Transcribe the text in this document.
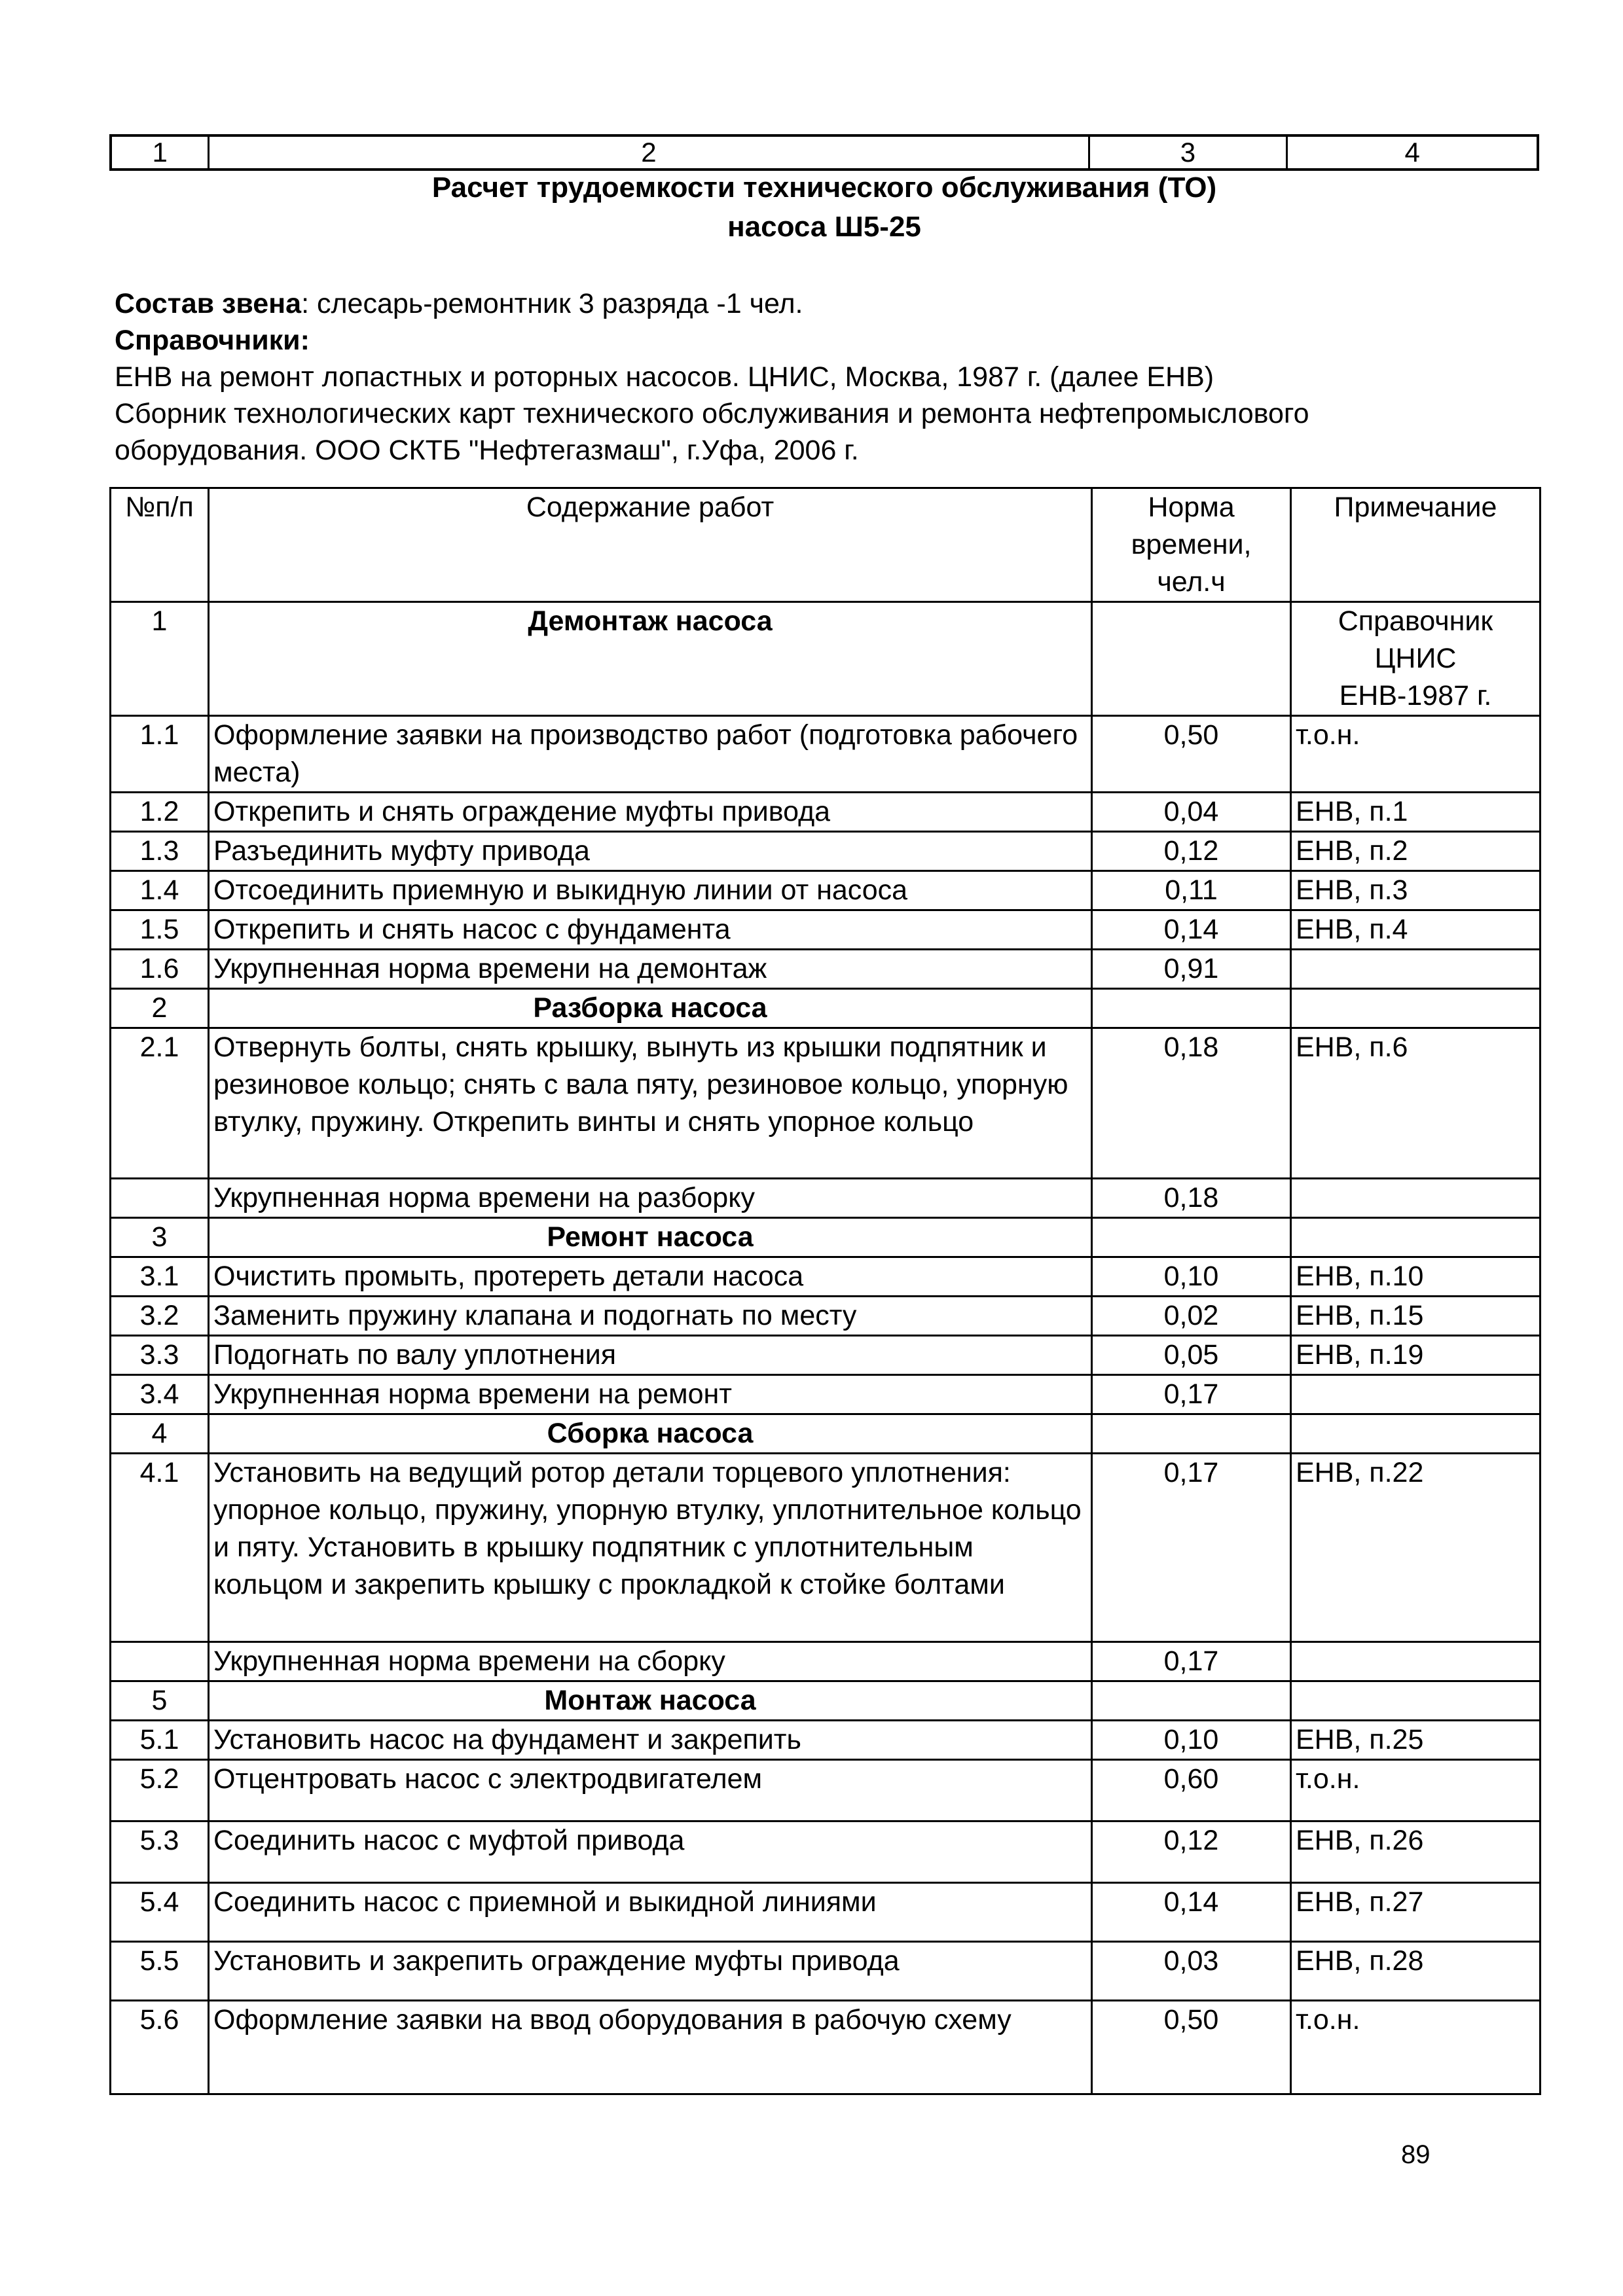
1	2	3	4
Расчет трудоемкости технического обслуживания (ТО)
насоса Ш5-25
Состав звена: слесарь-ремонтник 3 разряда -1 чел.
Справочники:
ЕНВ на ремонт лопастных и роторных насосов. ЦНИС, Москва, 1987 г. (далее ЕНВ)
Сборник технологических карт технического обслуживания и ремонта нефтепромыслового оборудования. ООО СКТБ "Нефтегазмаш", г.Уфа, 2006 г.
№п/п	Содержание работ	Норма времени, чел.ч	Примечание
1	Демонтаж насоса		Справочник ЦНИС ЕНВ-1987 г.
1.1	Оформление заявки на производство работ (подготовка рабочего места)	0,50	т.о.н.
1.2	Открепить и снять ограждение муфты привода	0,04	ЕНВ, п.1
1.3	Разъединить муфту привода	0,12	ЕНВ, п.2
1.4	Отсоединить приемную и выкидную линии от насоса	0,11	ЕНВ, п.3
1.5	Открепить и снять насос с фундамента	0,14	ЕНВ, п.4
1.6	Укрупненная норма времени на демонтаж	0,91	
2	Разборка насоса		
2.1	Отвернуть болты, снять крышку, вынуть из крышки подпятник и резиновое кольцо; снять с вала пяту, резиновое кольцо, упорную втулку, пружину. Открепить винты и снять упорное кольцо	0,18	ЕНВ, п.6
	Укрупненная норма времени на разборку	0,18	
3	Ремонт насоса		
3.1	Очистить промыть, протереть детали насоса	0,10	ЕНВ, п.10
3.2	Заменить пружину клапана и подогнать по месту	0,02	ЕНВ, п.15
3.3	Подогнать по валу уплотнения	0,05	ЕНВ, п.19
3.4	Укрупненная норма времени на ремонт	0,17	
4	Сборка насоса		
4.1	Установить на ведущий ротор детали торцевого уплотнения: упорное кольцо, пружину, упорную втулку, уплотнительное кольцо и пяту. Установить в крышку подпятник с уплотнительным кольцом и закрепить крышку с прокладкой к стойке болтами	0,17	ЕНВ, п.22
	Укрупненная норма времени на сборку	0,17	
5	Монтаж насоса		
5.1	Установить насос на фундамент и закрепить	0,10	ЕНВ, п.25
5.2	Отцентровать насос с электродвигателем	0,60	т.о.н.
5.3	Соединить насос с муфтой привода	0,12	ЕНВ, п.26
5.4	Соединить насос с приемной и выкидной линиями	0,14	ЕНВ, п.27
5.5	Установить и закрепить ограждение муфты привода	0,03	ЕНВ, п.28
5.6	Оформление заявки на ввод оборудования в рабочую схему	0,50	т.о.н.
89
